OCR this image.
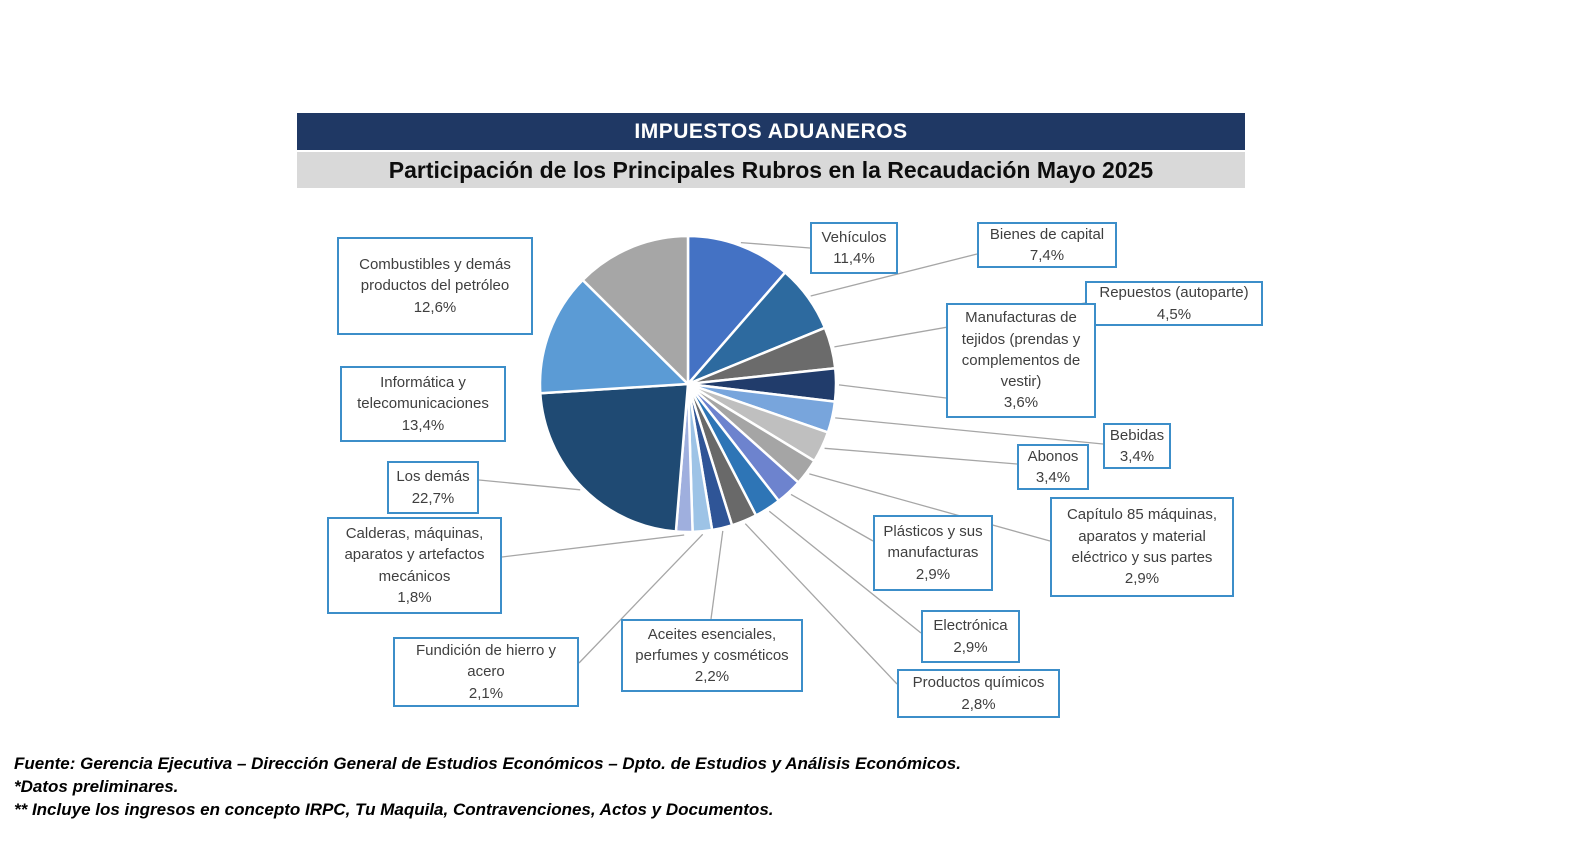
IMPUESTOS ADUANEROS
Participación de los Principales Rubros en la Recaudación Mayo 2025
Vehículos
11,4%
Bienes de capital
7,4%
Repuestos (autoparte)
4,5%
Manufacturas de tejidos (prendas y complementos de vestir)
3,6%
Bebidas
3,4%
Abonos
3,4%
Capítulo 85 máquinas, aparatos y material eléctrico y sus partes
2,9%
Plásticos y sus manufacturas
2,9%
Electrónica
2,9%
Productos químicos
2,8%
Aceites esenciales, perfumes y cosméticos
2,2%
Fundición de hierro y acero
2,1%
Calderas, máquinas, aparatos y artefactos mecánicos
1,8%
Los demás
22,7%
Informática y telecomunicaciones
13,4%
Combustibles y demás productos del petróleo
12,6%
Fuente: Gerencia Ejecutiva – Dirección General de Estudios Económicos – Dpto. de Estudios y Análisis Económicos.
*Datos preliminares.
** Incluye los ingresos en concepto IRPC, Tu Maquila, Contravenciones, Actos y Documentos.
